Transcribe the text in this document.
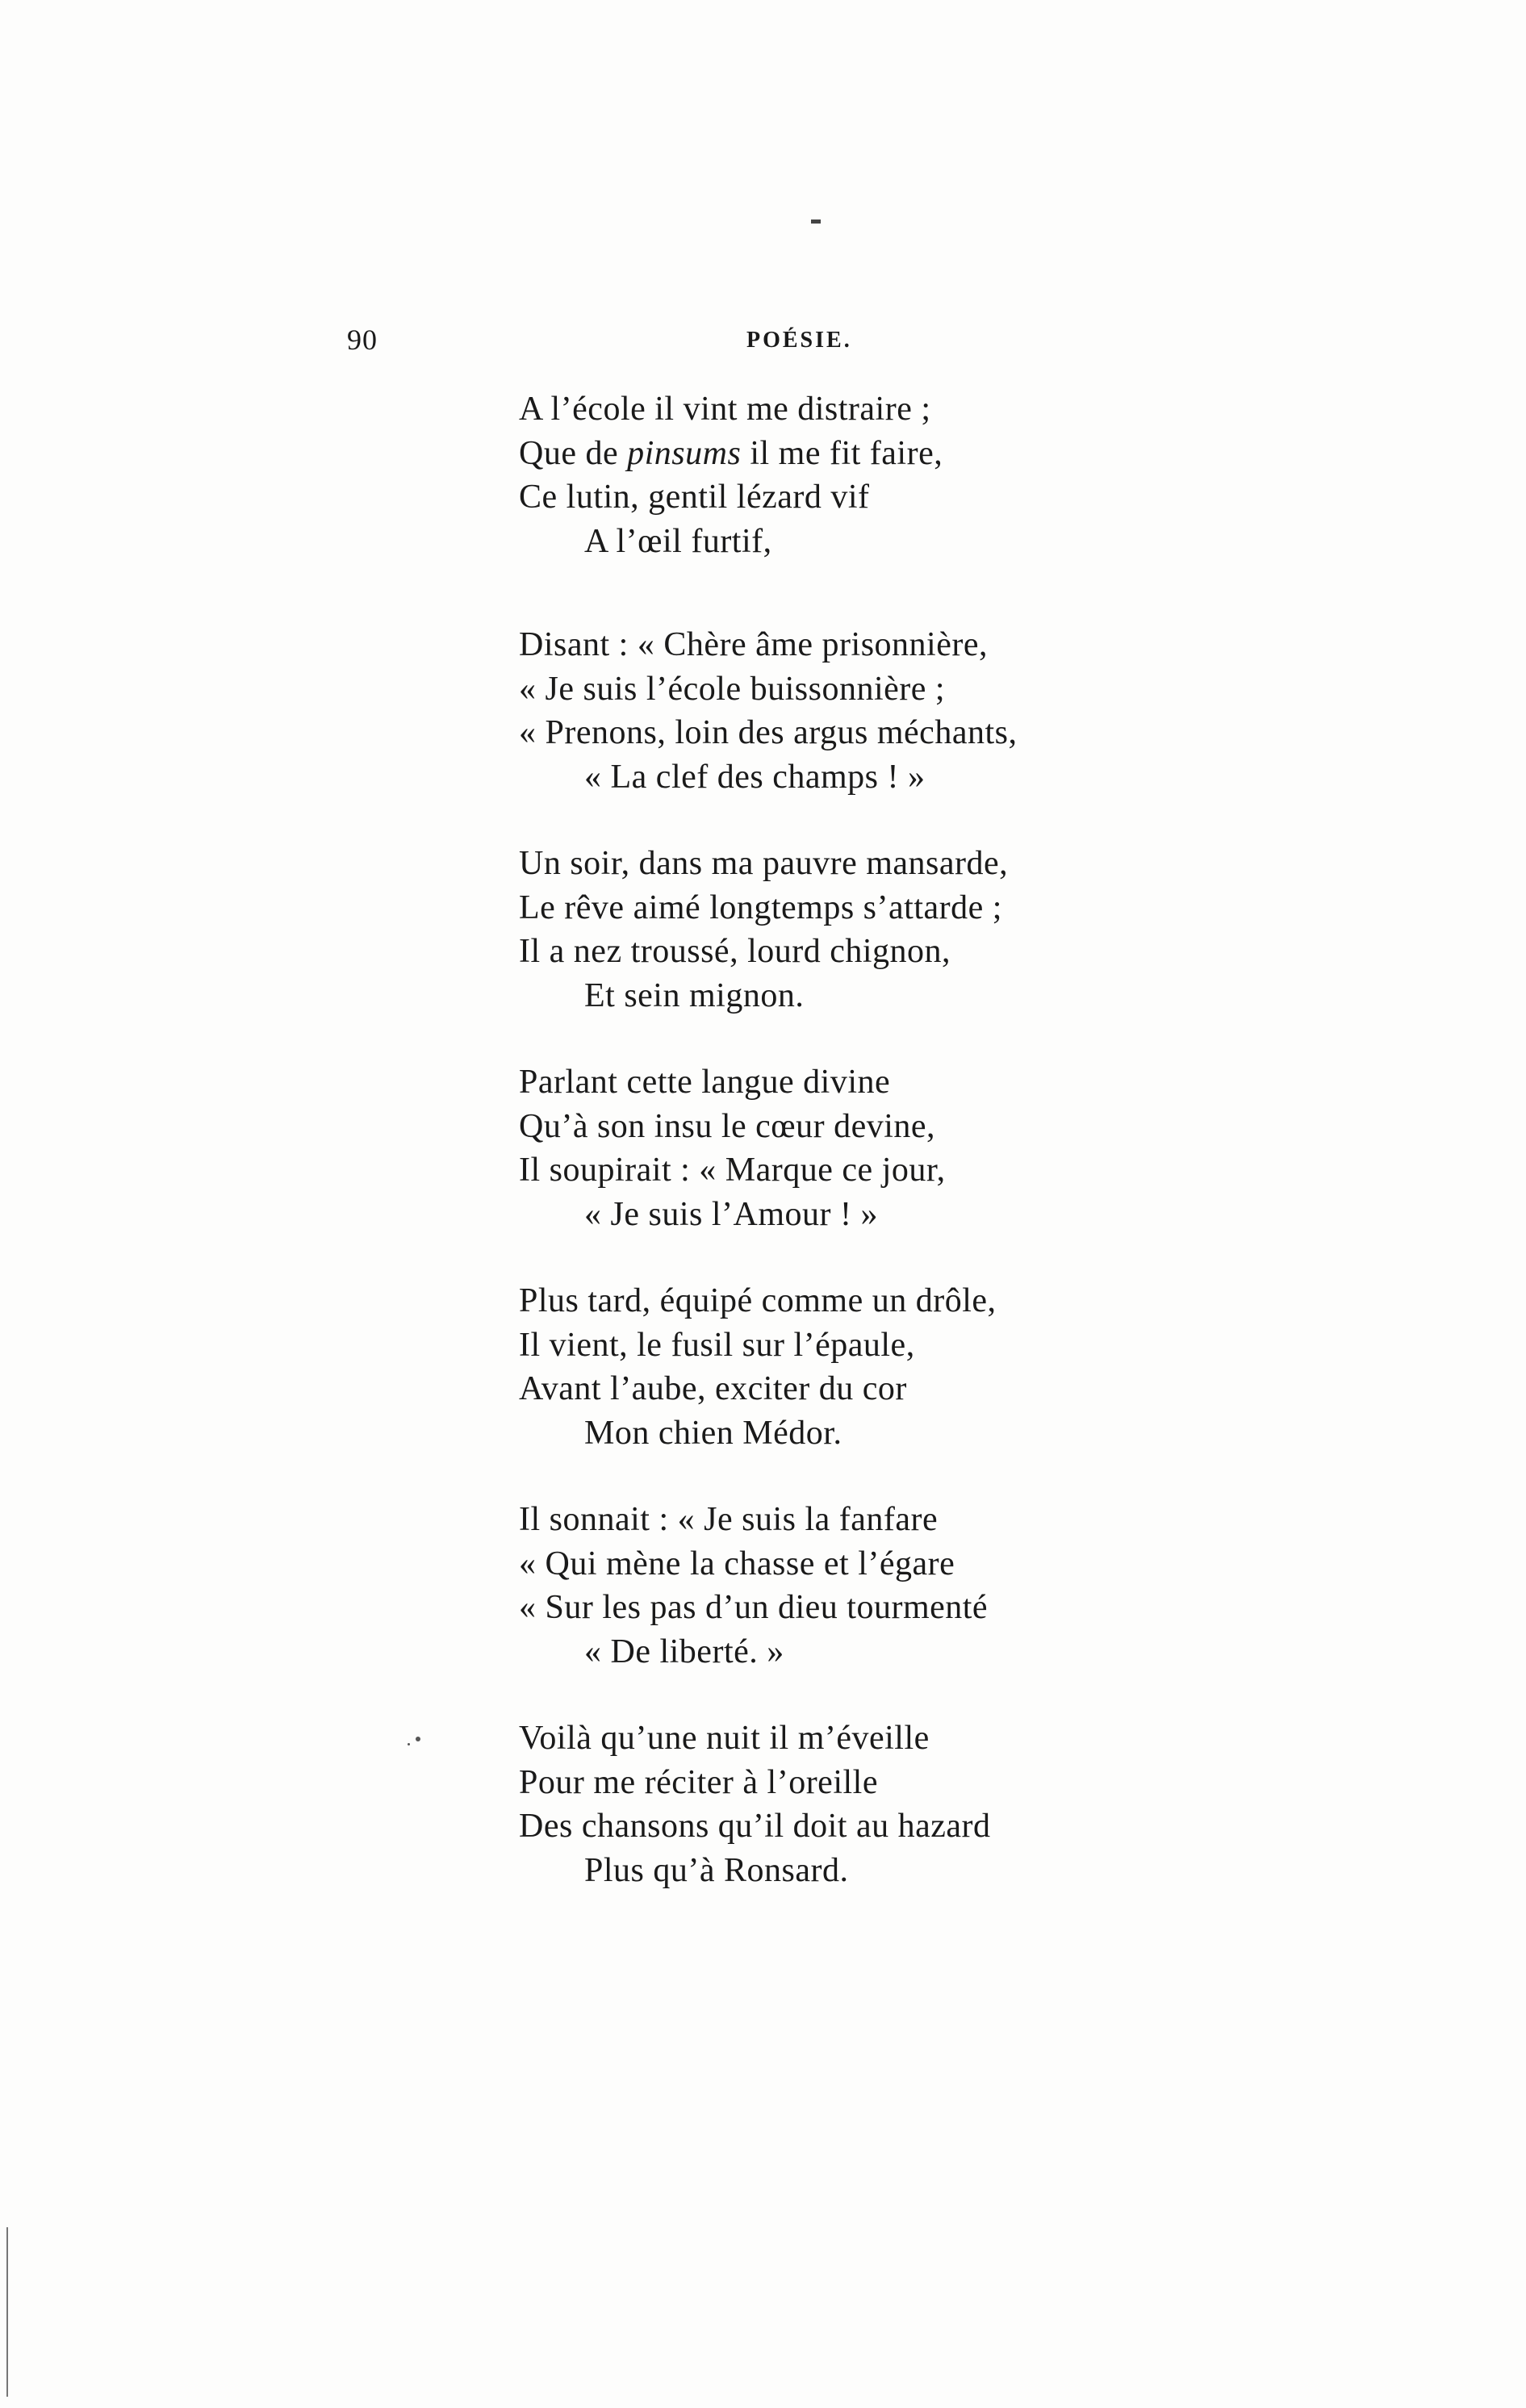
90	POÉSIE.
A l’école il vint me distraire ;
Que de pinsums il me fit faire,
Ce lutin, gentil lézard vif
A l’œil furtif,
Disant : « Chère âme prisonnière,
« Je suis l’école buissonnière ;
« Prenons, loin des argus méchants,
« La clef des champs ! »
Un soir, dans ma pauvre mansarde,
Le rêve aimé longtemps s’attarde ;
Il a nez troussé, lourd chignon,
Et sein mignon.
Parlant cette langue divine
Qu’à son insu le cœur devine,
Il soupirait : « Marque ce jour,
« Je suis l’Amour ! »
Plus tard, équipé comme un drôle,
Il vient, le fusil sur l’épaule,
Avant l’aube, exciter du cor
Mon chien Médor.
Il sonnait : « Je suis la fanfare
« Qui mène la chasse et l’égare
« Sur les pas d’un dieu tourmenté
« De liberté. »
Voilà qu’une nuit il m’éveille
Pour me réciter à l’oreille
Des chansons qu’il doit au hazard
Plus qu’à Ronsard.
